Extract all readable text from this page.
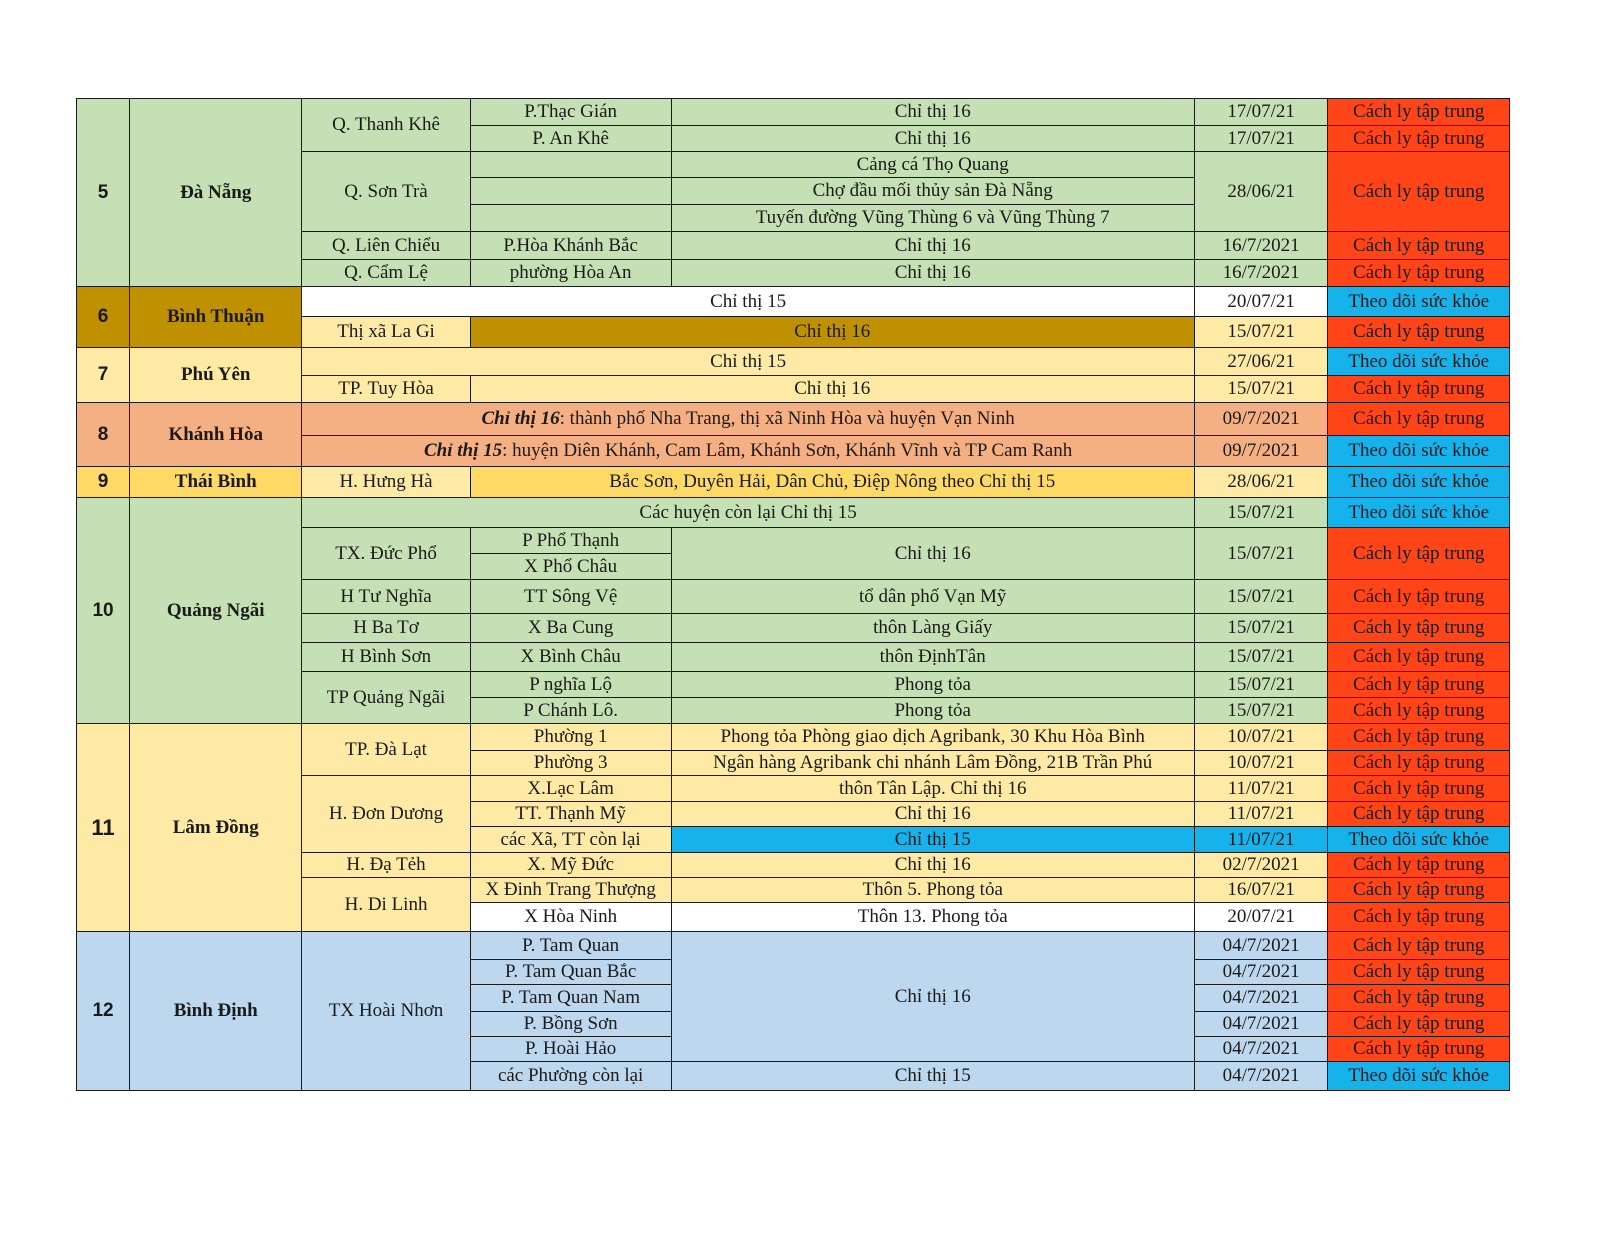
5	Đà Nẵng	Q. Thanh Khê	P.Thạc Gián	Chỉ thị 16	17/07/21	Cách ly tập trung
			P. An Khê	Chỉ thị 16	17/07/21	Cách ly tập trung
		Q. Sơn Trà		Cảng cá Thọ Quang	28/06/21	Cách ly tập trung
				Chợ đầu mối thủy sản Đà Nẵng		
				Tuyến đường Vũng Thùng 6 và Vũng Thùng 7		
		Q. Liên Chiểu	P.Hòa Khánh Bắc	Chỉ thị 16	16/7/2021	Cách ly tập trung
		Q. Cẩm Lệ	phường Hòa An	Chỉ thị 16	16/7/2021	Cách ly tập trung
6	Bình Thuận	Chỉ thị 15			20/07/21	Theo dõi sức khỏe
		Thị xã La Gi	Chỉ thị 16		15/07/21	Cách ly tập trung
7	Phú Yên	Chỉ thị 15			27/06/21	Theo dõi sức khỏe
		TP. Tuy Hòa	Chỉ thị 16		15/07/21	Cách ly tập trung
8	Khánh Hòa	Chỉ thị 16: thành phố Nha Trang, thị xã Ninh Hòa và huyện Vạn Ninh			09/7/2021	Cách ly tập trung
		Chỉ thị 15: huyện Diên Khánh, Cam Lâm, Khánh Sơn, Khánh Vĩnh và TP Cam Ranh			09/7/2021	Theo dõi sức khỏe
9	Thái Bình	H. Hưng Hà	Bắc Sơn, Duyên Hải, Dân Chủ, Điệp Nông theo Chỉ thị 15		28/06/21	Theo dõi sức khỏe
10	Quảng Ngãi	Các huyện còn lại Chỉ thị 15			15/07/21	Theo dõi sức khỏe
		TX. Đức Phổ	P Phổ Thạnh	Chỉ thị 16	15/07/21	Cách ly tập trung
			X Phổ Châu			
		H Tư Nghĩa	TT Sông Vệ	tổ dân phố Vạn Mỹ	15/07/21	Cách ly tập trung
		H Ba Tơ	X Ba Cung	thôn Làng Giấy	15/07/21	Cách ly tập trung
		H Bình Sơn	X Bình Châu	thôn ĐịnhTân	15/07/21	Cách ly tập trung
		TP Quảng Ngãi	P nghĩa Lộ	Phong tỏa	15/07/21	Cách ly tập trung
			P Chánh Lô.	Phong tỏa	15/07/21	Cách ly tập trung

11	Lâm Đồng	TP. Đà Lạt	Phường 1	Phong tỏa Phòng giao dịch Agribank, 30 Khu Hòa Bình	10/07/21	Cách ly tập trung
			Phường 3	Ngân hàng Agribank chi nhánh Lâm Đồng, 21B Trần Phú	10/07/21	Cách ly tập trung
		H. Đơn Dương	X.Lạc Lâm	thôn Tân Lập. Chỉ thị 16	11/07/21	Cách ly tập trung
			TT. Thạnh Mỹ	Chỉ thị 16	11/07/21	Cách ly tập trung
			các Xã, TT còn lại	Chỉ thị 15	11/07/21	Theo dõi sức khỏe
		H. Đạ Tẻh	X. Mỹ Đức	Chỉ thị 16	02/7/2021	Cách ly tập trung
		H. Di Linh	X Đinh Trang Thượng	Thôn 5. Phong tỏa	16/07/21	Cách ly tập trung
			X Hòa Ninh	Thôn 13. Phong tỏa	20/07/21	Cách ly tập trung
12	Bình Định	TX Hoài Nhơn	P. Tam Quan	Chỉ thị 16	04/7/2021	Cách ly tập trung
			P. Tam Quan Bắc		04/7/2021	Cách ly tập trung
			P. Tam Quan Nam		04/7/2021	Cách ly tập trung
			P. Bồng Sơn		04/7/2021	Cách ly tập trung
			P. Hoài Hảo		04/7/2021	Cách ly tập trung
			các Phường còn lại	Chỉ thị 15	04/7/2021	Theo dõi sức khỏe
